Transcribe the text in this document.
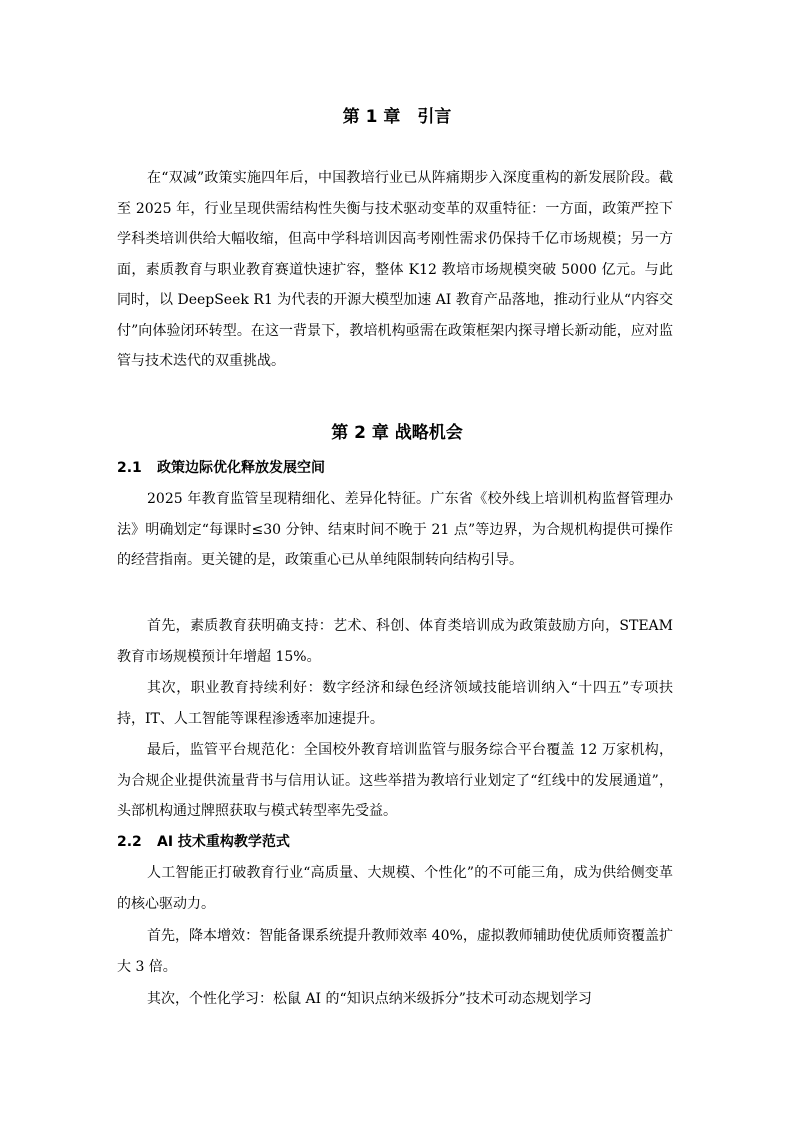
第 1 章　引言

在“双减”政策实施四年后，中国教培行业已从阵痛期步入深度重构的新发展阶段。截至 2025 年，行业呈现供需结构性失衡与技术驱动变革的双重特征：一方面，政策严控下学科类培训供给大幅收缩，但高中学科培训因高考刚性需求仍保持千亿市场规模；另一方面，素质教育与职业教育赛道快速扩容，整体 K12 教培市场规模突破 5000 亿元。与此同时，以 DeepSeek R1 为代表的开源大模型加速 AI 教育产品落地，推动行业从“内容交付”向体验闭环转型。在这一背景下，教培机构亟需在政策框架内探寻增长新动能，应对监管与技术迭代的双重挑战。

第 2 章 战略机会
2.1 政策边际优化释放发展空间

2025 年教育监管呈现精细化、差异化特征。广东省《校外线上培训机构监督管理办法》明确划定“每课时≤30 分钟、结束时间不晚于 21 点”等边界，为合规机构提供可操作的经营指南。更关键的是，政策重心已从单纯限制转向结构引导。

首先，素质教育获明确支持：艺术、科创、体育类培训成为政策鼓励方向，STEAM 教育市场规模预计年增超 15%。

其次，职业教育持续利好：数字经济和绿色经济领域技能培训纳入“十四五”专项扶持，IT、人工智能等课程渗透率加速提升。

最后，监管平台规范化：全国校外教育培训监管与服务综合平台覆盖 12 万家机构，为合规企业提供流量背书与信用认证。这些举措为教培行业划定了“红线中的发展通道”，头部机构通过牌照获取与模式转型率先受益。

2.2 AI 技术重构教学范式

人工智能正打破教育行业“高质量、大规模、个性化”的不可能三角，成为供给侧变革的核心驱动力。

首先，降本增效：智能备课系统提升教师效率 40%，虚拟教师辅助使优质师资覆盖扩大 3 倍。

其次，个性化学习：松鼠 AI 的“知识点纳米级拆分”技术可动态规划学习
